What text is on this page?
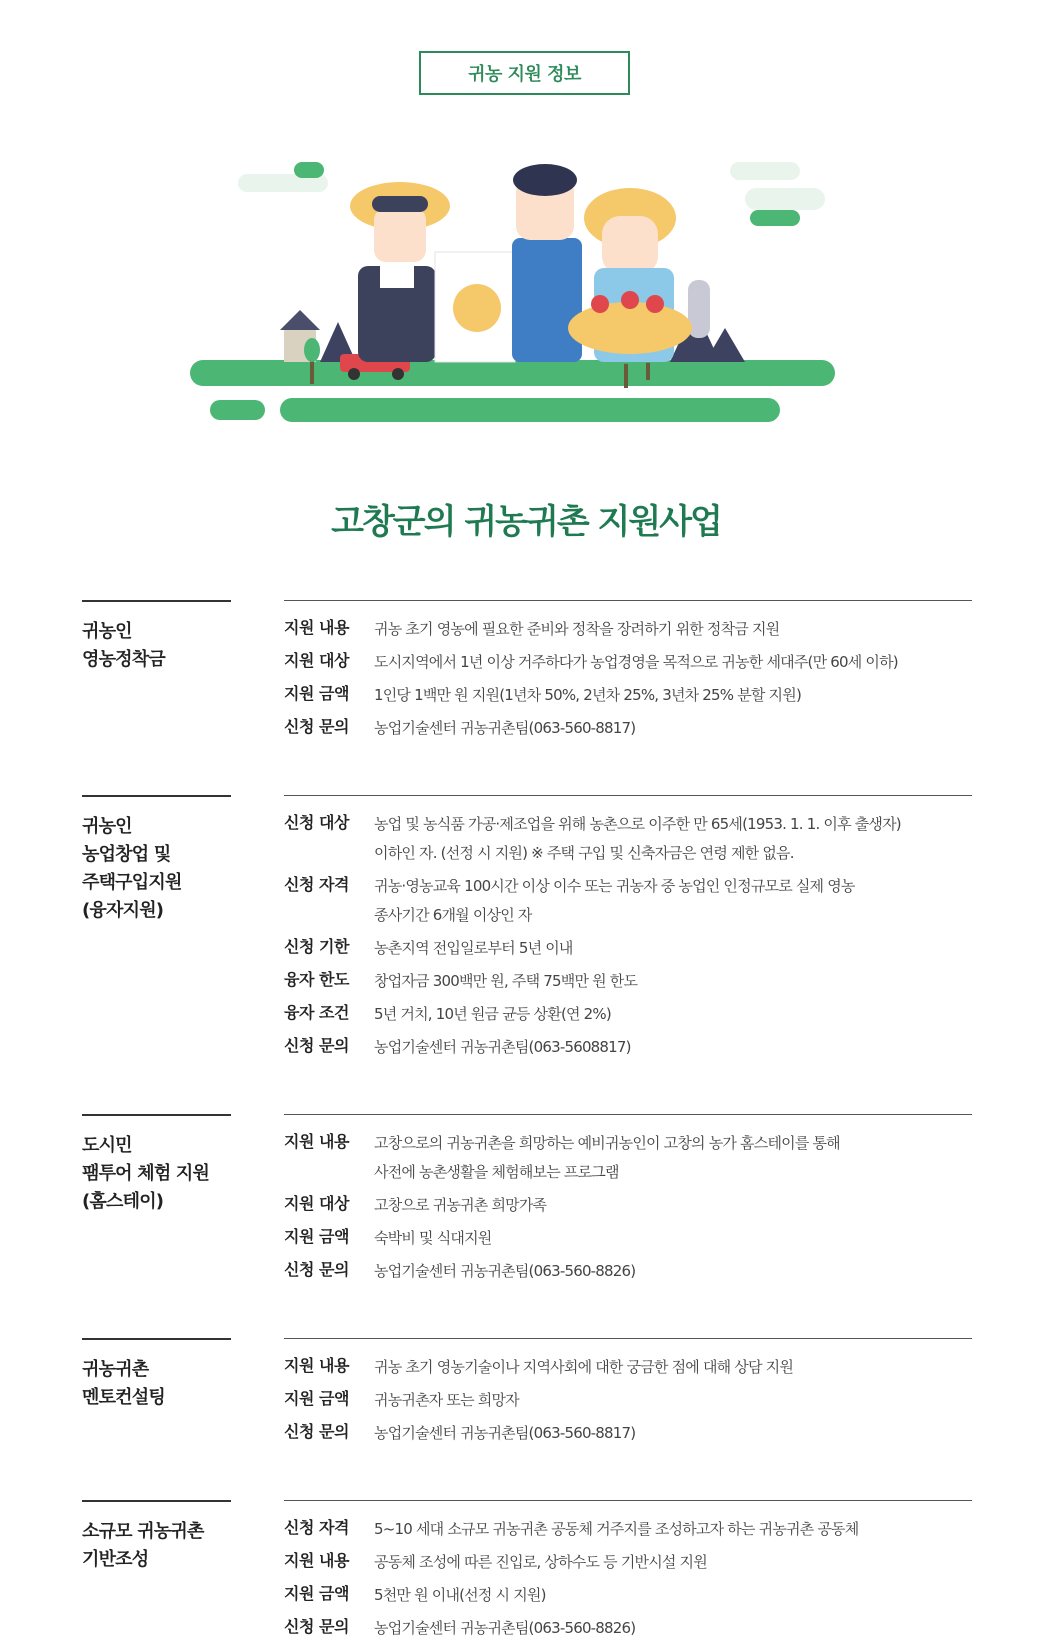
귀농 지원 정보
고창군의 귀농귀촌 지원사업
귀농인
영농정착금
지원 내용	귀농 초기 영농에 필요한 준비와 정착을 장려하기 위한 정착금 지원
지원 대상	도시지역에서 1년 이상 거주하다가 농업경영을 목적으로 귀농한 세대주(만 60세 이하)
지원 금액	1인당 1백만 원 지원(1년차 50%, 2년차 25%, 3년차 25% 분할 지원)
신청 문의	농업기술센터 귀농귀촌팀(063-560-8817)
귀농인
농업창업 및
주택구입지원
(융자지원)
신청 대상	농업 및 농식품 가공·제조업을 위해 농촌으로 이주한 만 65세(1953. 1. 1. 이후 출생자)
이하인 자. (선정 시 지원) ※ 주택 구입 및 신축자금은 연령 제한 없음.
신청 자격	귀농·영농교육 100시간 이상 이수 또는 귀농자 중 농업인 인정규모로 실제 영농
종사기간 6개월 이상인 자
신청 기한	농촌지역 전입일로부터 5년 이내
융자 한도	창업자금 300백만 원, 주택 75백만 원 한도
융자 조건	5년 거치, 10년 원금 균등 상환(연 2%)
신청 문의	농업기술센터 귀농귀촌팀(063-5608817)
도시민
팸투어 체험 지원
(홈스테이)
지원 내용	고창으로의 귀농귀촌을 희망하는 예비귀농인이 고창의 농가 홈스테이를 통해
사전에 농촌생활을 체험해보는 프로그램
지원 대상	고창으로 귀농귀촌 희망가족
지원 금액	숙박비 및 식대지원
신청 문의	농업기술센터 귀농귀촌팀(063-560-8826)
귀농귀촌
멘토컨설팅
지원 내용	귀농 초기 영농기술이나 지역사회에 대한 궁금한 점에 대해 상담 지원
지원 금액	귀농귀촌자 또는 희망자
신청 문의	농업기술센터 귀농귀촌팀(063-560-8817)
소규모 귀농귀촌
기반조성
신청 자격	5~10 세대 소규모 귀농귀촌 공동체 거주지를 조성하고자 하는 귀농귀촌 공동체
지원 내용	공동체 조성에 따른 진입로, 상하수도 등 기반시설 지원
지원 금액	5천만 원 이내(선정 시 지원)
신청 문의	농업기술센터 귀농귀촌팀(063-560-8826)
